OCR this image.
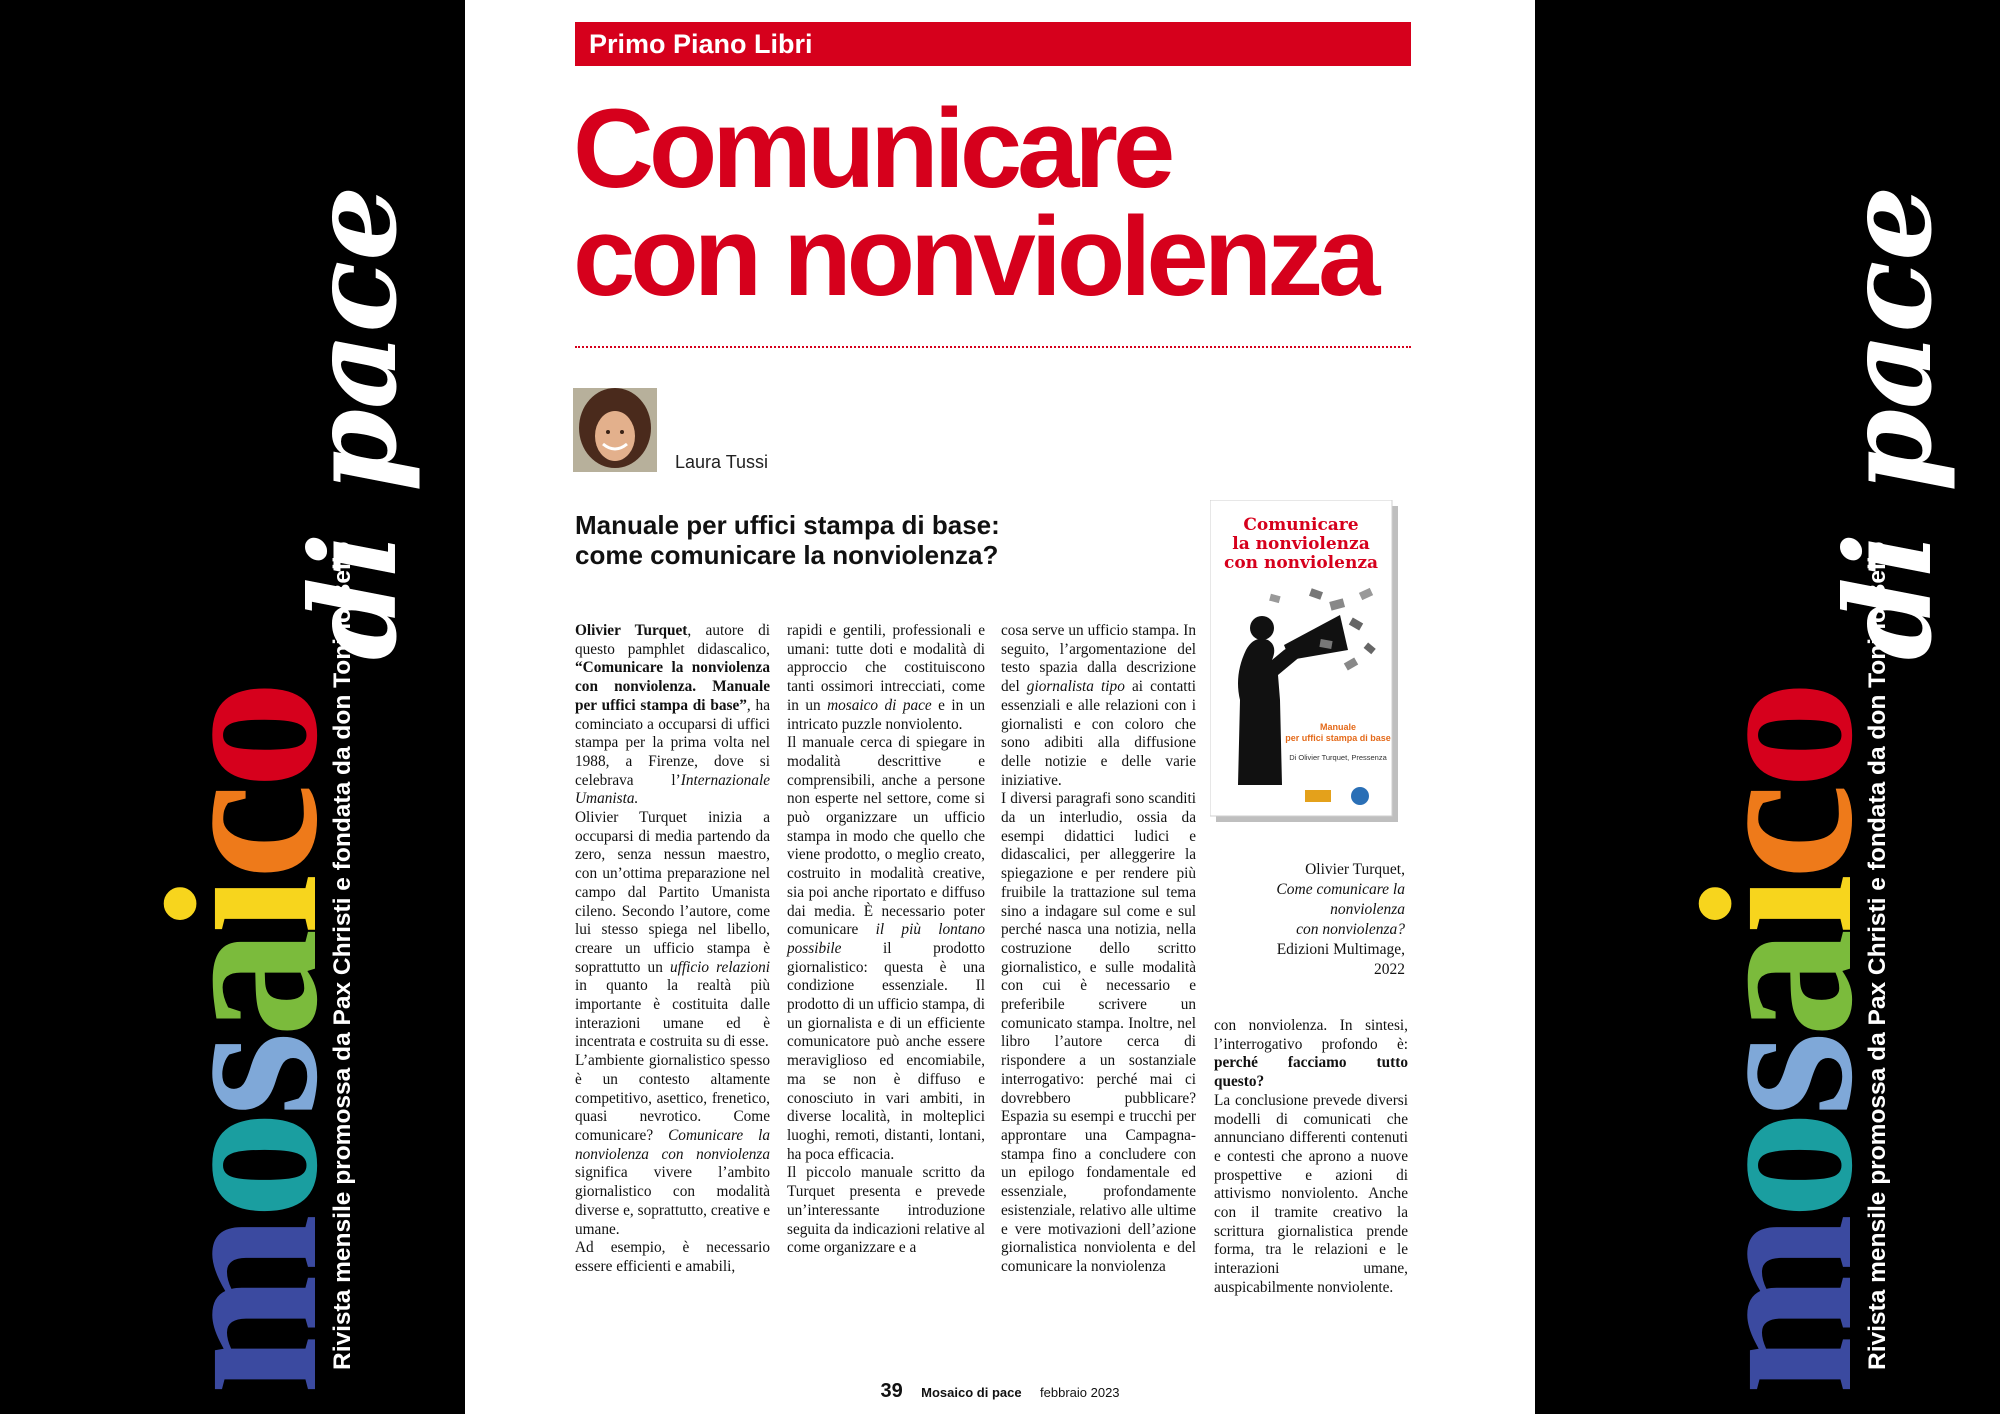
mosaico
di pace
Rivista mensile promossa da Pax Christi e fondata da don Tonino Bello	mosaico
di pace
Rivista mensile promossa da Pax Christi e fondata da don Tonino Bello
Primo Piano Libri
Comunicare
con nonviolenza
Laura Tussi
Manuale per uffici stampa di base:
come comunicare la nonviolenza?
Comunicare
la nonviolenza
con nonviolenza
Manuale
per uffici stampa di base
Di Olivier Turquet, Pressenza
Olivier Turquet,
Come comunicare la
nonviolenza
con nonviolenza?
Edizioni Multimage,
2022

Olivier Turquet, autore di questo pamphlet didascalico, “Comunicare la nonviolenza con nonviolenza. Manuale per uffici stampa di base”, ha cominciato a occuparsi di uffici stampa per la prima volta nel 1988, a Firenze, dove si celebrava l’Internazionale Umanista.

Olivier Turquet inizia a occuparsi di media partendo da zero, senza nessun maestro, con un’ottima preparazione nel campo dal Partito Umanista cileno. Secondo l’autore, come lui stesso spiega nel libello, creare un ufficio stampa è soprattutto un ufficio relazioni in quanto la realtà più importante è costituita dalle interazioni umane ed è incentrata e costruita su di esse.

L’ambiente giornalistico spesso è un contesto altamente competitivo, asettico, frenetico, quasi nevrotico. Come comunicare? Comunicare la nonviolenza con nonviolenza significa vivere l’ambito giornalistico con modalità diverse e, soprattutto, creative e umane.

Ad esempio, è necessario essere efficienti e amabili,

rapidi e gentili, professionali e umani: tutte doti e modalità di approccio che costituiscono tanti ossimori intrecciati, come in un mosaico di pace e in un intricato puzzle nonviolento.

Il manuale cerca di spiegare in modalità descrittive e comprensibili, anche a persone non esperte nel settore, come si può organizzare un ufficio stampa in modo che quello che viene prodotto, o meglio creato, costruito in modalità creative, sia poi anche riportato e diffuso dai media. È necessario poter comunicare il più lontano possibile il prodotto giornalistico: questa è una condizione essenziale. Il prodotto di un ufficio stampa, di un giornalista e di un efficiente comunicatore può anche essere meraviglioso ed encomiabile, ma se non è diffuso e conosciuto in vari ambiti, in diverse località, in molteplici luoghi, remoti, distanti, lontani, ha poca efficacia.

Il piccolo manuale scritto da Turquet presenta e prevede un’interessante introduzione seguita da indicazioni relative al come organizzare e a

cosa serve un ufficio stampa. In seguito, l’argomentazione del testo spazia dalla descrizione del giornalista tipo ai contatti essenziali e alle relazioni con i giornalisti e con coloro che sono adibiti alla diffusione delle notizie e delle varie iniziative.

I diversi paragrafi sono scanditi da un interludio, ossia da esempi didattici ludici e didascalici, per alleggerire la spiegazione e per rendere più fruibile la trattazione sul tema sino a indagare sul come e sul perché nasca una notizia, nella costruzione dello scritto giornalistico, e sulle modalità con cui è necessario e preferibile scrivere un comunicato stampa. Inoltre, nel libro l’autore cerca di rispondere a un sostanziale interrogativo: perché mai ci dovrebbero pubblicare? Espazia su esempi e trucchi per approntare una Campagna-stampa fino a concludere con un epilogo fondamentale ed essenziale, profondamente esistenziale, relativo alle ultime e vere motivazioni dell’azione giornalistica nonviolenta e del comunicare la nonviolenza

con nonviolenza. In sintesi, l’interrogativo profondo è: perché facciamo tutto questo?

La conclusione prevede diversi modelli di comunicati che annunciano differenti contenuti e contesti che aprono a nuove prospettive e azioni di attivismo nonviolento. Anche con il tramite creativo la scrittura giornalistica prende forma, tra le relazioni e le interazioni umane, auspicabilmente nonviolente.

39 Mosaico di pace febbraio 2023
